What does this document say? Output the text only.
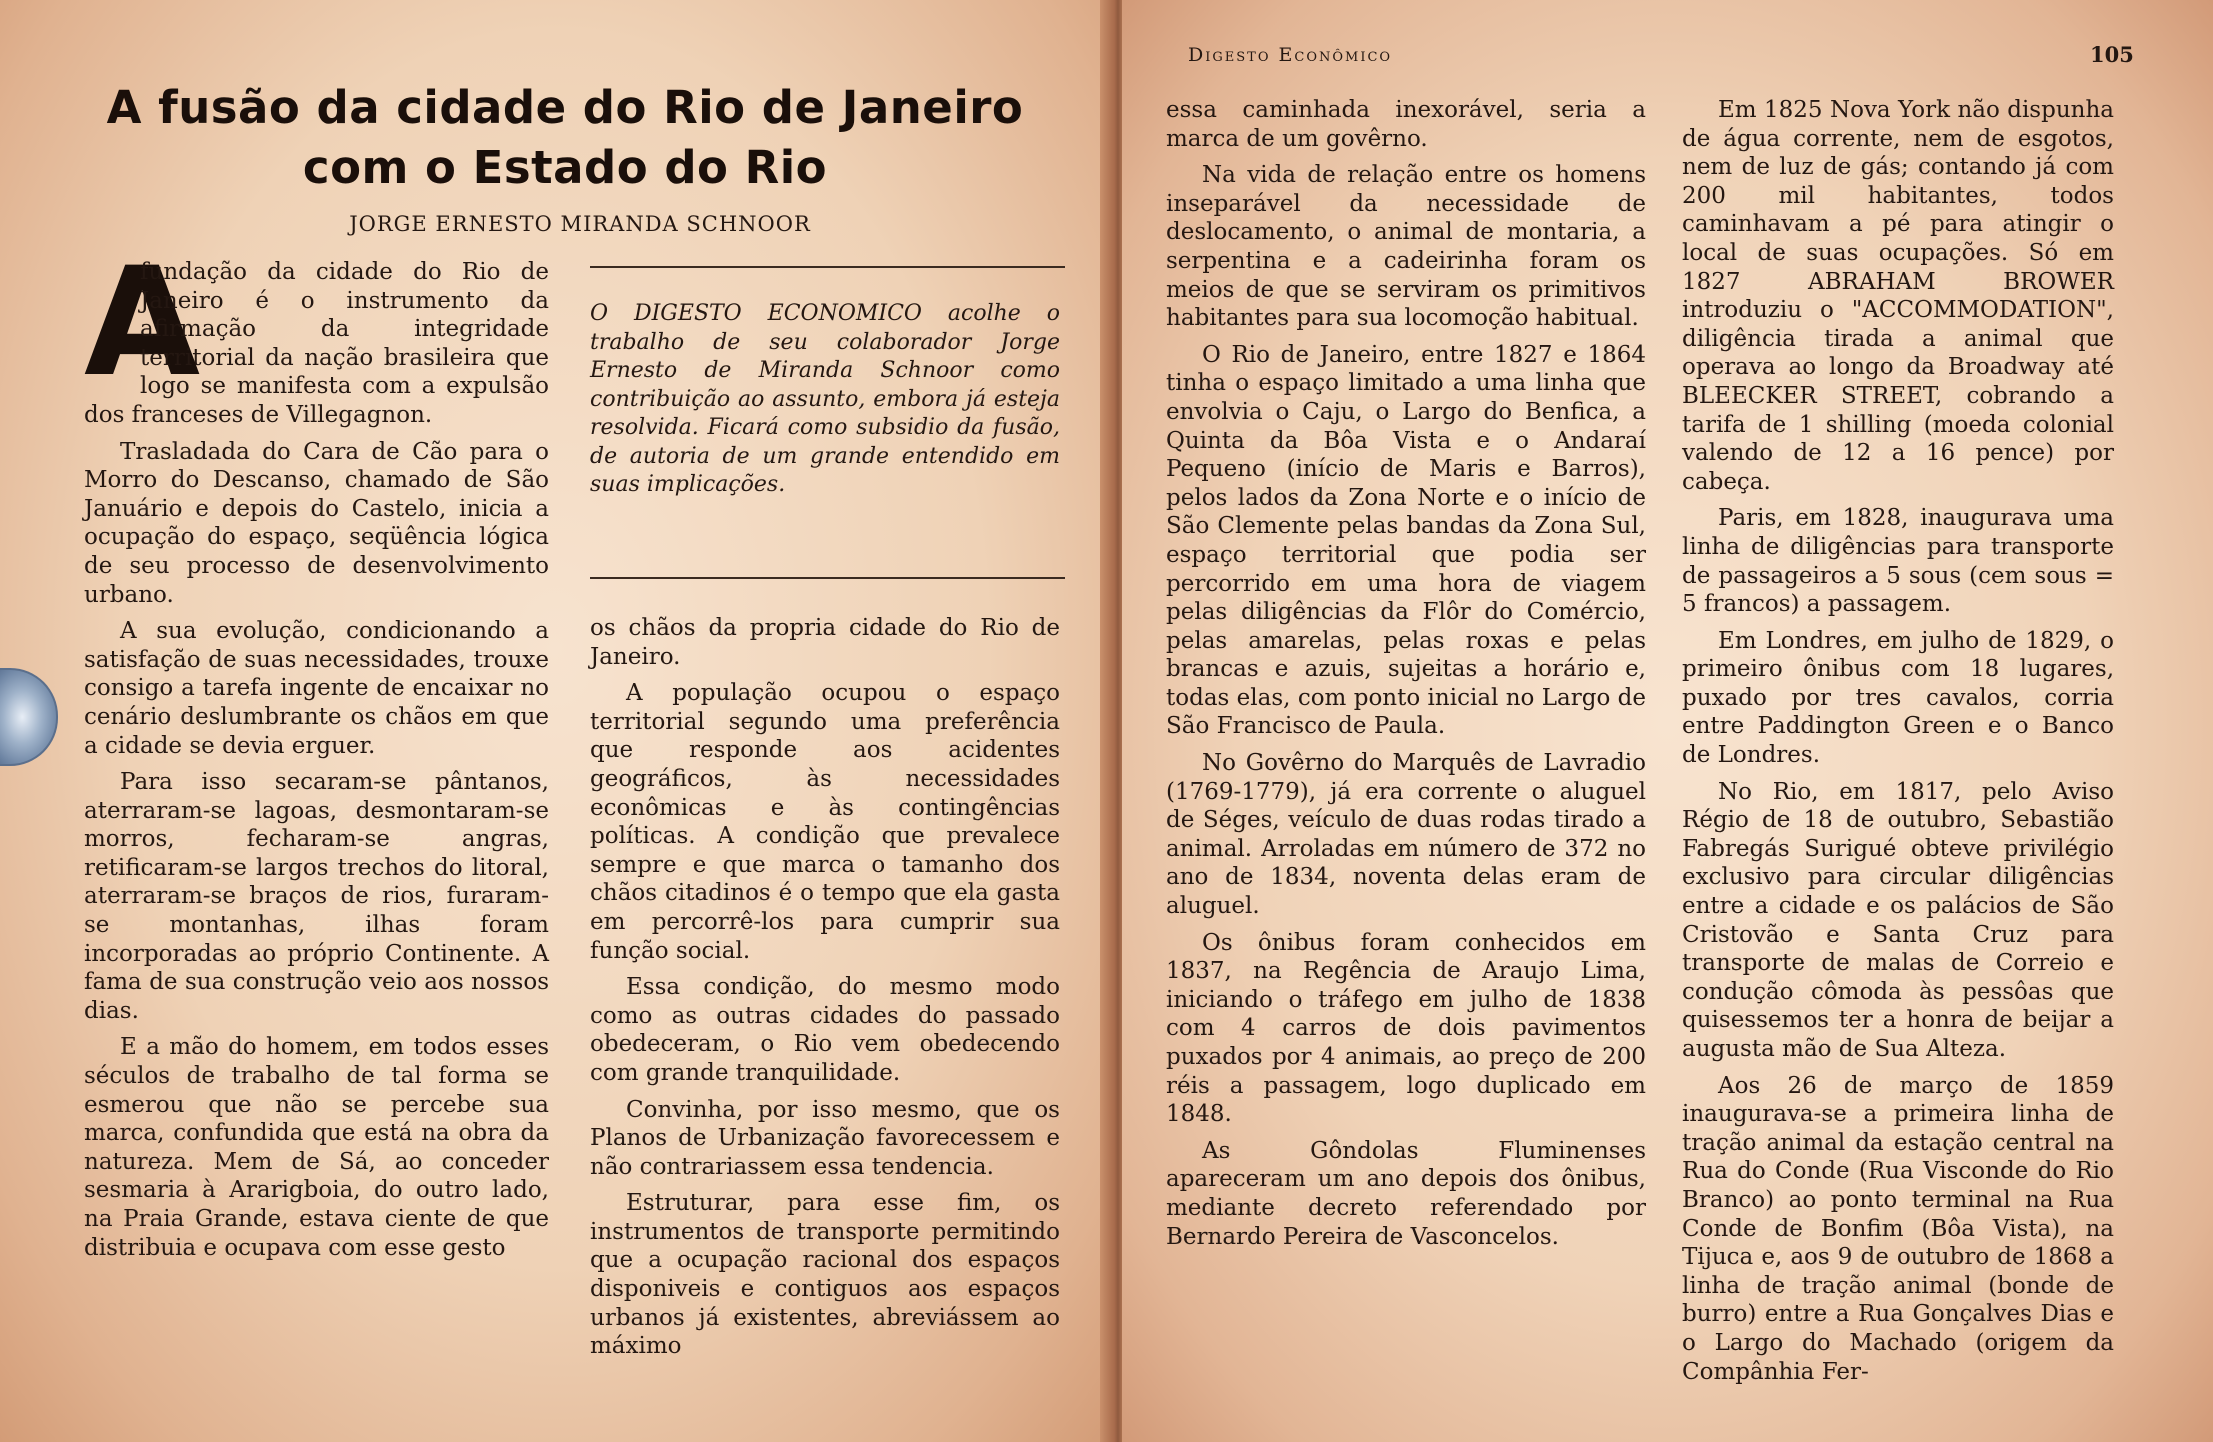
A fusão da cidade do Rio de Janeiro com o Estado do Rio

JORGE ERNESTO MIRANDA SCHNOOR

A
fundação da cidade do Rio de Janeiro é o instrumento da afirmação da integridade territorial da nação brasileira que logo se manifesta com a expulsão dos franceses de Villegagnon.

Trasladada do Cara de Cão para o Morro do Descanso, chamado de São Januário e depois do Castelo, inicia a ocupação do espaço, seqüência lógica de seu processo de desenvolvimento urbano.

A sua evolução, condicionando a satisfação de suas necessidades, trouxe consigo a tarefa ingente de encaixar no cenário deslumbrante os chãos em que a cidade se devia erguer.

Para isso secaram-se pântanos, aterraram-se lagoas, desmontaram-se morros, fecharam-se angras, retificaram-se largos trechos do litoral, aterraram-se braços de rios, furaram-se montanhas, ilhas foram incorporadas ao próprio Continente. A fama de sua construção veio aos nossos dias.

E a mão do homem, em todos esses séculos de trabalho de tal forma se esmerou que não se percebe sua marca, confundida que está na obra da natureza. Mem de Sá, ao conceder sesmaria à Ararigboia, do outro lado, na Praia Grande, estava ciente de que distribuia e ocupava com esse gesto

O DIGESTO ECONOMICO acolhe o trabalho de seu colaborador Jorge Ernesto de Miranda Schnoor como contribuição ao assunto, embora já esteja resolvida. Ficará como subsidio da fusão, de autoria de um grande entendido em suas implicações.

os chãos da propria cidade do Rio de Janeiro.

A população ocupou o espaço territorial segundo uma preferência que responde aos acidentes geográficos, às necessidades econômicas e às contingências políticas. A condição que prevalece sempre e que marca o tamanho dos chãos citadinos é o tempo que ela gasta em percorrê-los para cumprir sua função social.

Essa condição, do mesmo modo como as outras cidades do passado obedeceram, o Rio vem obedecendo com grande tranquilidade.

Convinha, por isso mesmo, que os Planos de Urbanização favorecessem e não contrariassem essa tendencia.

Estruturar, para esse fim, os instrumentos de transporte permitindo que a ocupação racional dos espaços disponiveis e contiguos aos espaços urbanos já existentes, abreviássem ao máximo

Digesto Econômico	105

essa caminhada inexorável, seria a marca de um govêrno.

Na vida de relação entre os homens inseparável da necessidade de deslocamento, o animal de montaria, a serpentina e a cadeirinha foram os meios de que se serviram os primitivos habitantes para sua locomoção habitual.

O Rio de Janeiro, entre 1827 e 1864 tinha o espaço limitado a uma linha que envolvia o Caju, o Largo do Benfica, a Quinta da Bôa Vista e o Andaraí Pequeno (início de Maris e Barros), pelos lados da Zona Norte e o início de São Clemente pelas bandas da Zona Sul, espaço territorial que podia ser percorrido em uma hora de viagem pelas diligências da Flôr do Comércio, pelas amarelas, pelas roxas e pelas brancas e azuis, sujeitas a horário e, todas elas, com ponto inicial no Largo de São Francisco de Paula.

No Govêrno do Marquês de Lavradio (1769-1779), já era corrente o aluguel de Séges, veículo de duas rodas tirado a animal. Arroladas em número de 372 no ano de 1834, noventa delas eram de aluguel.

Os ônibus foram conhecidos em 1837, na Regência de Araujo Lima, iniciando o tráfego em julho de 1838 com 4 carros de dois pavimentos puxados por 4 animais, ao preço de 200 réis a passagem, logo duplicado em 1848.

As Gôndolas Fluminenses apareceram um ano depois dos ônibus, mediante decreto referendado por Bernardo Pereira de Vasconcelos.

Em 1825 Nova York não dispunha de água corrente, nem de esgotos, nem de luz de gás; contando já com 200 mil habitantes, todos caminhavam a pé para atingir o local de suas ocupações. Só em 1827 ABRAHAM BROWER introduziu o "ACCOMMODATION", diligência tirada a animal que operava ao longo da Broadway até BLEECKER STREET, cobrando a tarifa de 1 shilling (moeda colonial valendo de 12 a 16 pence) por cabeça.

Paris, em 1828, inaugurava uma linha de diligências para transporte de passageiros a 5 sous (cem sous = 5 francos) a passagem.

Em Londres, em julho de 1829, o primeiro ônibus com 18 lugares, puxado por tres cavalos, corria entre Paddington Green e o Banco de Londres.

No Rio, em 1817, pelo Aviso Régio de 18 de outubro, Sebastião Fabregás Surigué obteve privilégio exclusivo para circular diligências entre a cidade e os palácios de São Cristovão e Santa Cruz para transporte de malas de Correio e condução cômoda às pessôas que quisessemos ter a honra de beijar a augusta mão de Sua Alteza.

Aos 26 de março de 1859 inaugurava-se a primeira linha de tração animal da estação central na Rua do Conde (Rua Visconde do Rio Branco) ao ponto terminal na Rua Conde de Bonfim (Bôa Vista), na Tijuca e, aos 9 de outubro de 1868 a linha de tração animal (bonde de burro) entre a Rua Gonçalves Dias e o Largo do Machado (origem da Compânhia Fer-
